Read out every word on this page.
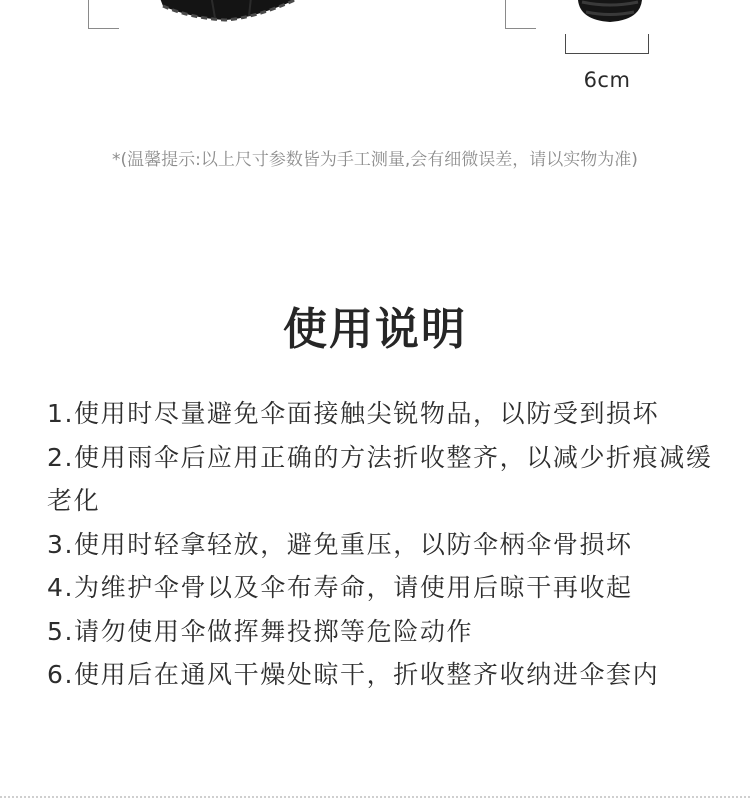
6cm
*(温馨提示:以上尺寸参数皆为手工测量,会有细微误差，请以实物为准)
使用说明
1.使用时尽量避免伞面接触尖锐物品，以防受到损坏
2.使用雨伞后应用正确的方法折收整齐，以减少折痕减缓老化
3.使用时轻拿轻放，避免重压，以防伞柄伞骨损坏
4.为维护伞骨以及伞布寿命，请使用后晾干再收起
5.请勿使用伞做挥舞投掷等危险动作
6.使用后在通风干燥处晾干，折收整齐收纳进伞套内
